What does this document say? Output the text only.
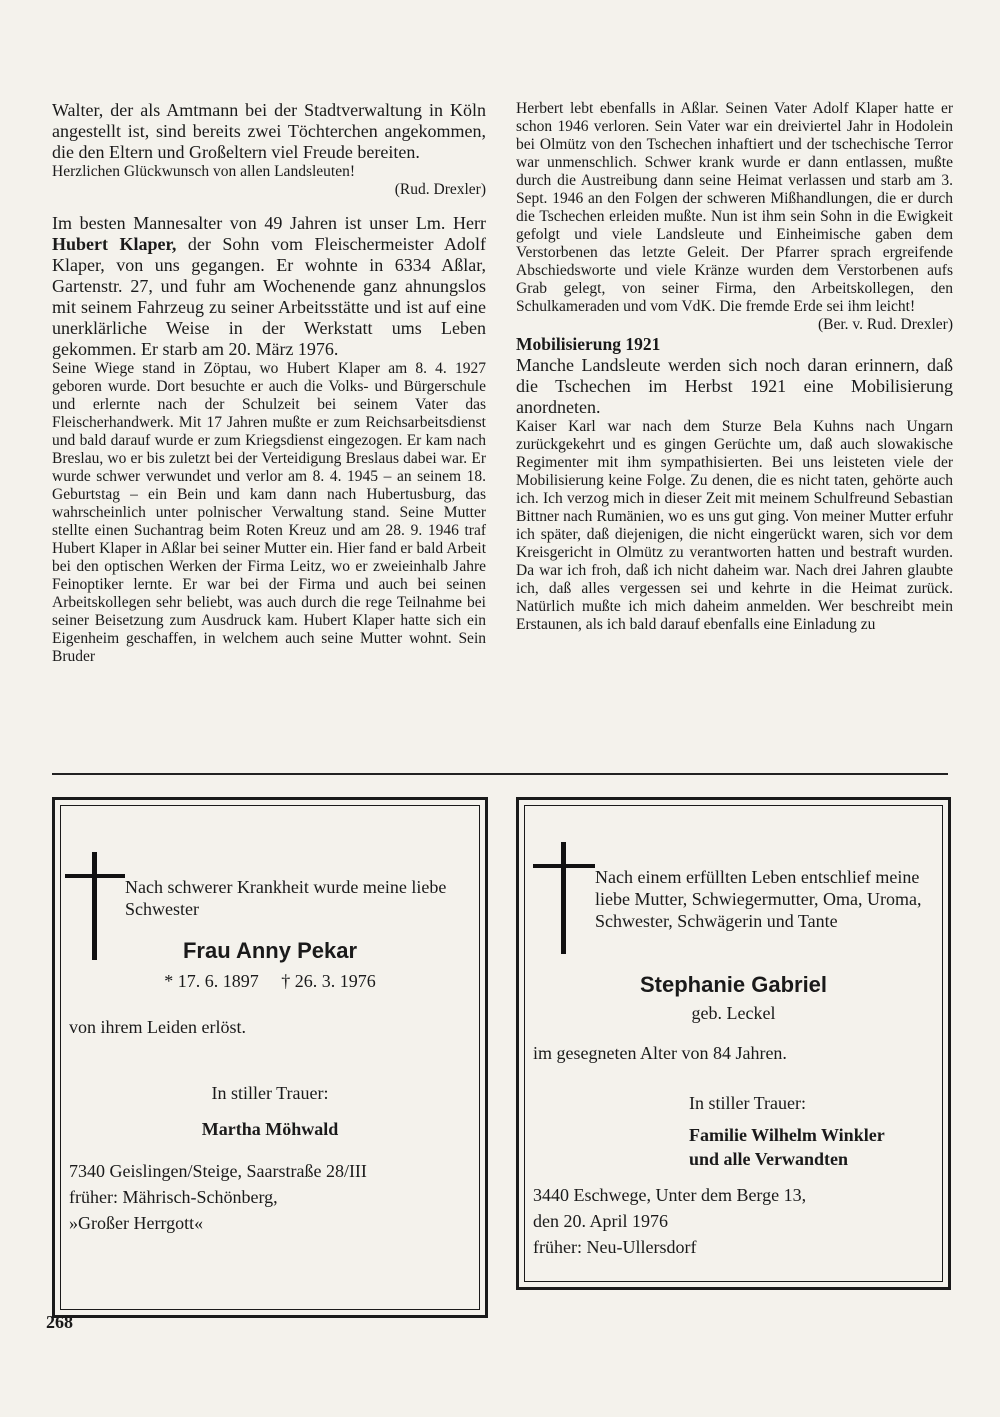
Walter, der als Amtmann bei der Stadtverwaltung in Köln angestellt ist, sind bereits zwei Töchterchen angekommen, die den Eltern und Großeltern viel Freude bereiten.

Herzlichen Glückwunsch von allen Landsleuten!

(Rud. Drexler)

Im besten Mannesalter von 49 Jahren ist unser Lm. Herr Hubert Klaper, der Sohn vom Fleischermeister Adolf Klaper, von uns gegangen. Er wohnte in 6334 Aßlar, Gartenstr. 27, und fuhr am Wochenende ganz ahnungslos mit seinem Fahrzeug zu seiner Arbeitsstätte und ist auf eine unerklärliche Weise in der Werkstatt ums Leben gekommen. Er starb am 20. März 1976.

Seine Wiege stand in Zöptau, wo Hubert Klaper am 8. 4. 1927 geboren wurde. Dort besuchte er auch die Volks- und Bürgerschule und erlernte nach der Schulzeit bei seinem Vater das Fleischerhandwerk. Mit 17 Jahren mußte er zum Reichsarbeitsdienst und bald darauf wurde er zum Kriegsdienst eingezogen. Er kam nach Breslau, wo er bis zuletzt bei der Verteidigung Breslaus dabei war. Er wurde schwer verwundet und verlor am 8. 4. 1945 – an seinem 18. Geburtstag – ein Bein und kam dann nach Hubertusburg, das wahrscheinlich unter polnischer Verwaltung stand. Seine Mutter stellte einen Suchantrag beim Roten Kreuz und am 28. 9. 1946 traf Hubert Klaper in Aßlar bei seiner Mutter ein. Hier fand er bald Arbeit bei den optischen Werken der Firma Leitz, wo er zweieinhalb Jahre Feinoptiker lernte. Er war bei der Firma und auch bei seinen Arbeitskollegen sehr beliebt, was auch durch die rege Teilnahme bei seiner Beisetzung zum Ausdruck kam. Hubert Klaper hatte sich ein Eigenheim geschaffen, in welchem auch seine Mutter wohnt. Sein Bruder

Herbert lebt ebenfalls in Aßlar. Seinen Vater Adolf Klaper hatte er schon 1946 verloren. Sein Vater war ein dreiviertel Jahr in Hodolein bei Olmütz von den Tschechen inhaftiert und der tschechische Terror war unmenschlich. Schwer krank wurde er dann entlassen, mußte durch die Austreibung dann seine Heimat verlassen und starb am 3. Sept. 1946 an den Folgen der schweren Mißhandlungen, die er durch die Tschechen erleiden mußte. Nun ist ihm sein Sohn in die Ewigkeit gefolgt und viele Landsleute und Einheimische gaben dem Verstorbenen das letzte Geleit. Der Pfarrer sprach ergreifende Abschiedsworte und viele Kränze wurden dem Verstorbenen aufs Grab gelegt, von seiner Firma, den Arbeitskollegen, den Schulkameraden und vom VdK. Die fremde Erde sei ihm leicht!

(Ber. v. Rud. Drexler)

Mobilisierung 1921

Manche Landsleute werden sich noch daran erinnern, daß die Tschechen im Herbst 1921 eine Mobilisierung anordneten.

Kaiser Karl war nach dem Sturze Bela Kuhns nach Ungarn zurückgekehrt und es gingen Gerüchte um, daß auch slowakische Regimenter mit ihm sympathisierten. Bei uns leisteten viele der Mobilisierung keine Folge. Zu denen, die es nicht taten, gehörte auch ich. Ich verzog mich in dieser Zeit mit meinem Schulfreund Sebastian Bittner nach Rumänien, wo es uns gut ging. Von meiner Mutter erfuhr ich später, daß diejenigen, die nicht eingerückt waren, sich vor dem Kreisgericht in Olmütz zu verantworten hatten und bestraft wurden. Da war ich froh, daß ich nicht daheim war. Nach drei Jahren glaubte ich, daß alles vergessen sei und kehrte in die Heimat zurück. Natürlich mußte ich mich daheim anmelden. Wer beschreibt mein Erstaunen, als ich bald darauf ebenfalls eine Einladung zu

Nach schwerer Krankheit wurde meine liebe Schwester
Frau Anny Pekar
* 17. 6. 1897     † 26. 3. 1976
von ihrem Leiden erlöst.
In stiller Trauer:
Martha Möhwald
7340 Geislingen/Steige, Saarstraße 28/III
früher: Mährisch-Schönberg,
»Großer Herrgott«
Nach einem erfüllten Leben entschlief meine liebe Mutter, Schwiegermutter, Oma, Uroma, Schwester, Schwägerin und Tante
Stephanie Gabriel
geb. Leckel
im gesegneten Alter von 84 Jahren.
In stiller Trauer:
Familie Wilhelm Winkler
und alle Verwandten
3440 Eschwege, Unter dem Berge 13,
den 20. April 1976
früher: Neu-Ullersdorf
268
